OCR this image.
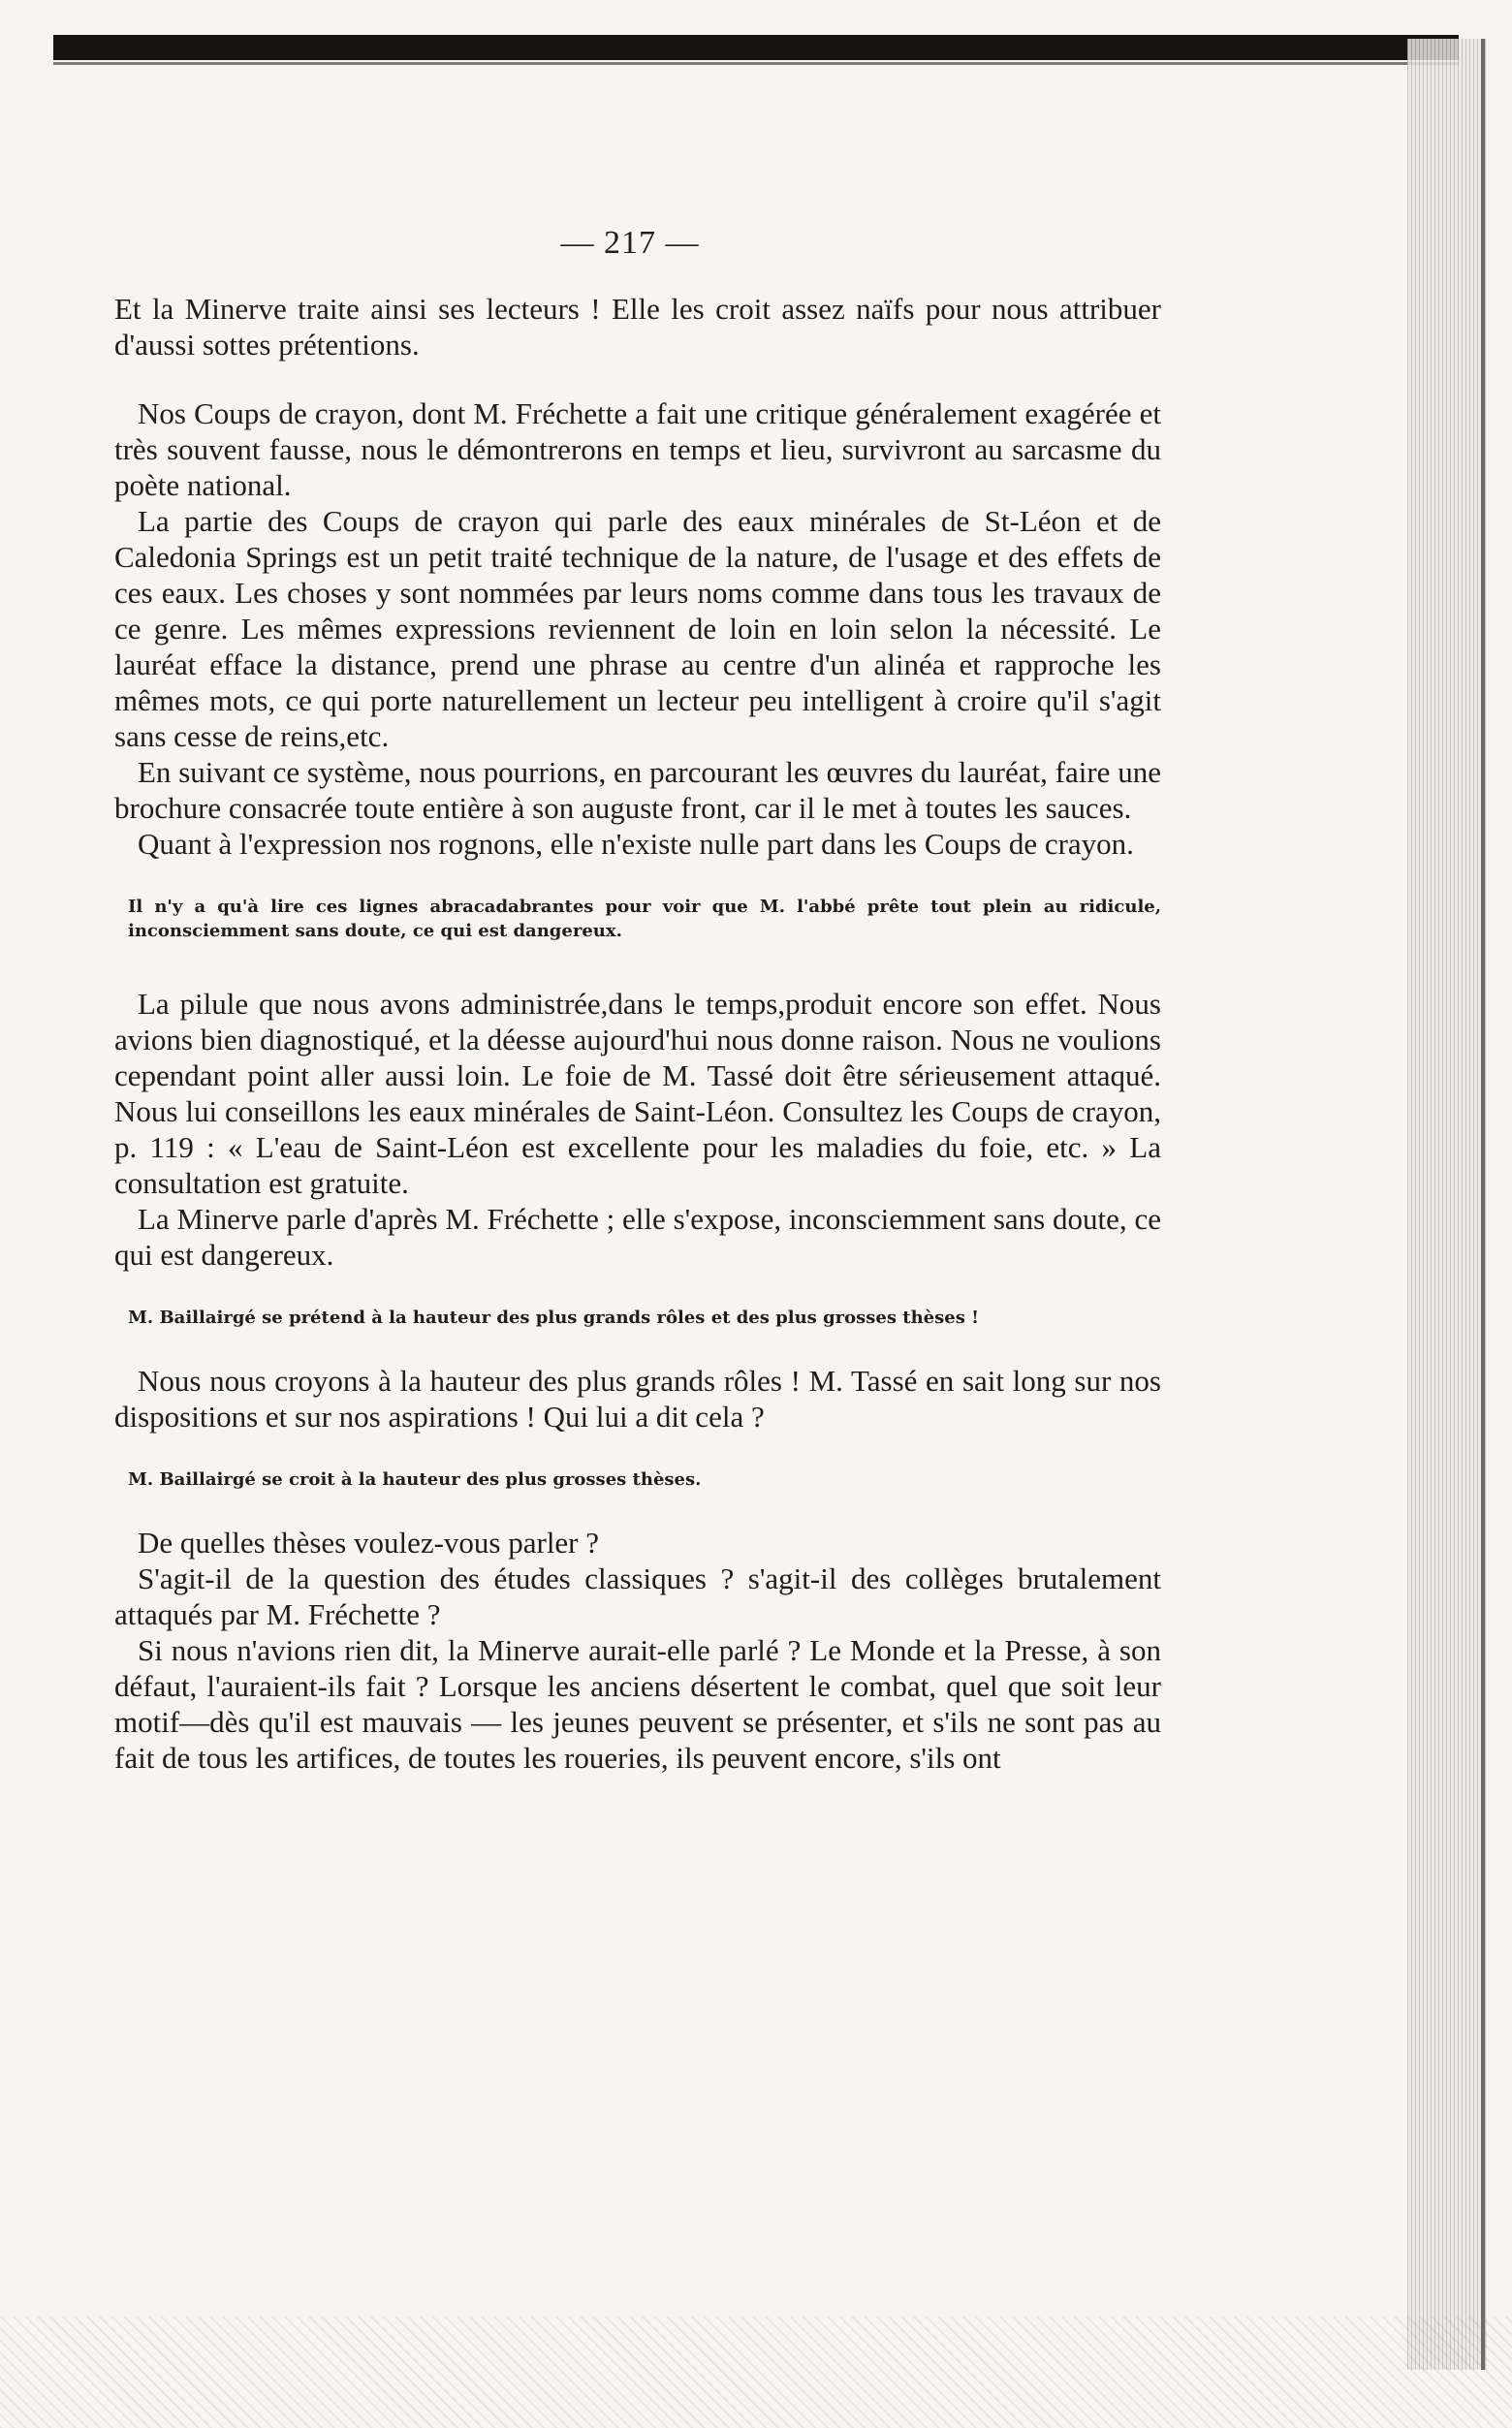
— 217 —

Et la Minerve traite ainsi ses lecteurs ! Elle les croit assez naïfs pour nous attribuer d'aussi sottes prétentions.

Nos Coups de crayon, dont M. Fréchette a fait une critique généralement exagérée et très souvent fausse, nous le démontrerons en temps et lieu, survivront au sarcasme du poète national.

La partie des Coups de crayon qui parle des eaux minérales de St-Léon et de Caledonia Springs est un petit traité technique de la nature, de l'usage et des effets de ces eaux. Les choses y sont nommées par leurs noms comme dans tous les travaux de ce genre. Les mêmes expressions reviennent de loin en loin selon la nécessité. Le lauréat efface la distance, prend une phrase au centre d'un alinéa et rapproche les mêmes mots, ce qui porte naturellement un lecteur peu intelligent à croire qu'il s'agit sans cesse de reins,etc.

En suivant ce système, nous pourrions, en parcourant les œuvres du lauréat, faire une brochure consacrée toute entière à son auguste front, car il le met à toutes les sauces.

Quant à l'expression nos rognons, elle n'existe nulle part dans les Coups de crayon.

Il n'y a qu'à lire ces lignes abracadabrantes pour voir que M. l'abbé prête tout plein au ridicule, inconsciemment sans doute, ce qui est dangereux.

La pilule que nous avons administrée,dans le temps,produit encore son effet. Nous avions bien diagnostiqué, et la déesse aujourd'hui nous donne raison. Nous ne voulions cependant point aller aussi loin. Le foie de M. Tassé doit être sérieusement attaqué. Nous lui conseillons les eaux minérales de Saint-Léon. Consultez les Coups de crayon, p. 119 : « L'eau de Saint-Léon est excellente pour les maladies du foie, etc. » La consultation est gratuite.

La Minerve parle d'après M. Fréchette ; elle s'expose, inconsciemment sans doute, ce qui est dangereux.

M. Baillairgé se prétend à la hauteur des plus grands rôles et des plus grosses thèses !

Nous nous croyons à la hauteur des plus grands rôles ! M. Tassé en sait long sur nos dispositions et sur nos aspirations ! Qui lui a dit cela ?

M. Baillairgé se croit à la hauteur des plus grosses thèses.

De quelles thèses voulez-vous parler ?

S'agit-il de la question des études classiques ? s'agit-il des collèges brutalement attaqués par M. Fréchette ?

Si nous n'avions rien dit, la Minerve aurait-elle parlé ? Le Monde et la Presse, à son défaut, l'auraient-ils fait ? Lorsque les anciens désertent le combat, quel que soit leur motif—dès qu'il est mauvais — les jeunes peuvent se présenter, et s'ils ne sont pas au fait de tous les artifices, de toutes les roueries, ils peuvent encore, s'ils ont
